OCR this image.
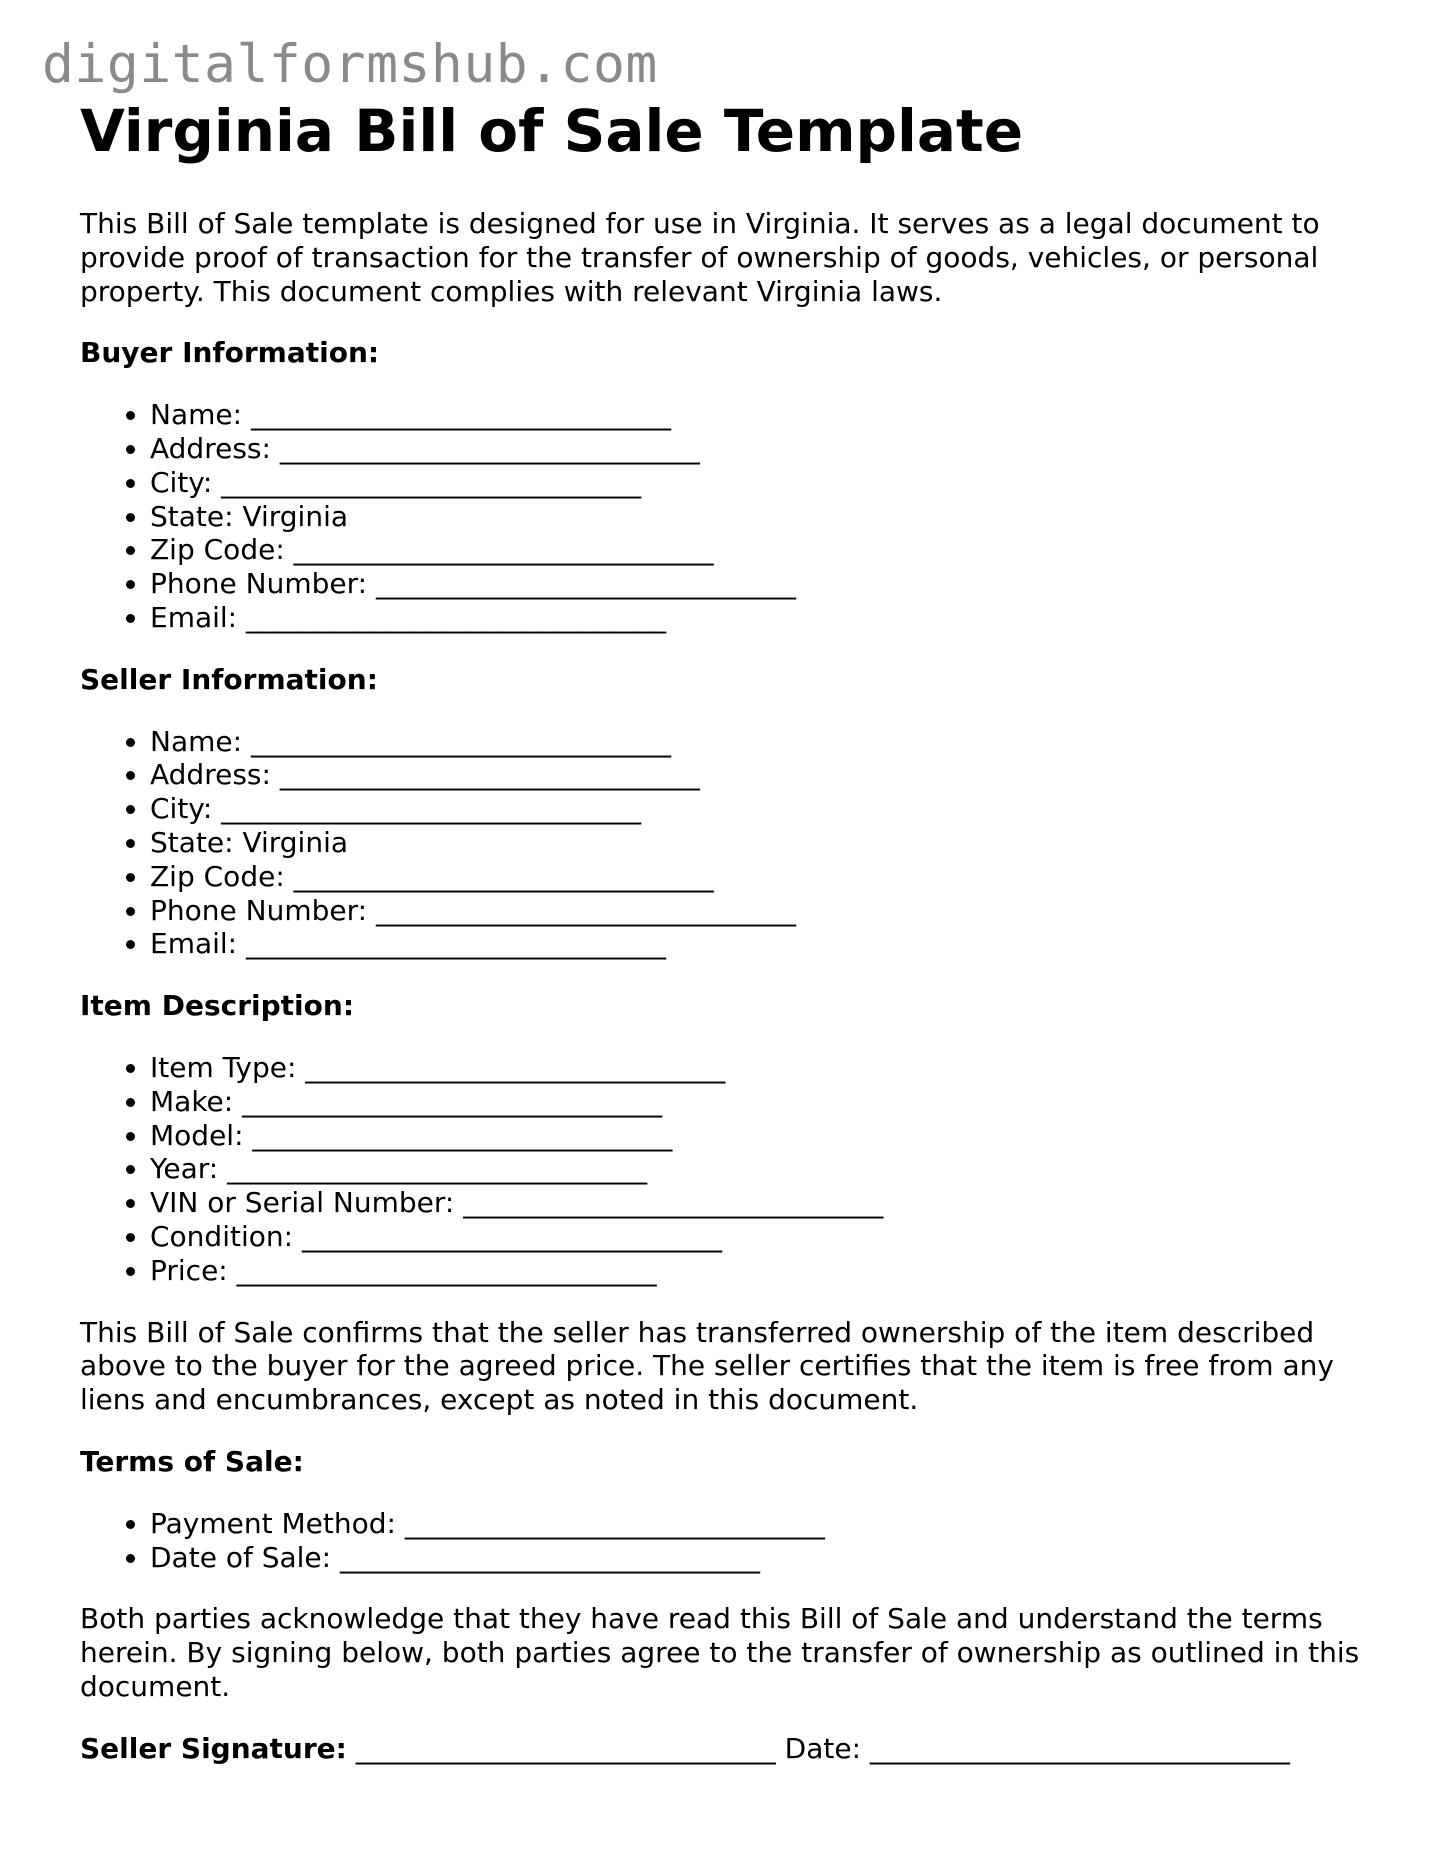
digitalformshub.com
Virginia Bill of Sale Template

This Bill of Sale template is designed for use in Virginia. It serves as a legal document to provide proof of transaction for the transfer of ownership of goods, vehicles, or personal property. This document complies with relevant Virginia laws.

Buyer Information:
• Name: ______________________________
• Address: ______________________________
• City: ______________________________
• State: Virginia
• Zip Code: ______________________________
• Phone Number: ______________________________
• Email: ______________________________
Seller Information:
• Name: ______________________________
• Address: ______________________________
• City: ______________________________
• State: Virginia
• Zip Code: ______________________________
• Phone Number: ______________________________
• Email: ______________________________
Item Description:
• Item Type: ______________________________
• Make: ______________________________
• Model: ______________________________
• Year: ______________________________
• VIN or Serial Number: ______________________________
• Condition: ______________________________
• Price: ______________________________

This Bill of Sale confirms that the seller has transferred ownership of the item described above to the buyer for the agreed price. The seller certifies that the item is free from any liens and encumbrances, except as noted in this document.

Terms of Sale:
• Payment Method: ______________________________
• Date of Sale: ______________________________

Both parties acknowledge that they have read this Bill of Sale and understand the terms herein. By signing below, both parties agree to the transfer of ownership as outlined in this document.

Seller Signature: ______________________________ Date: ______________________________
